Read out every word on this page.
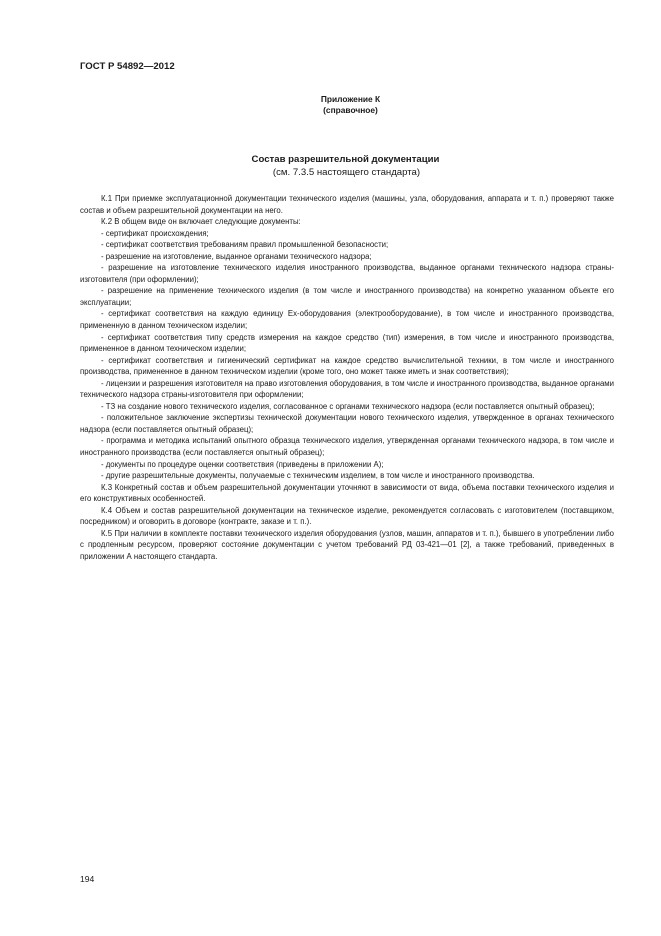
ГОСТ Р 54892—2012
Приложение К
(справочное)
Состав разрешительной документации
(см. 7.3.5 настоящего стандарта)

К.1 При приемке эксплуатационной документации технического изделия (машины, узла, оборудования, аппарата и т. п.) проверяют также состав и объем разрешительной документации на него.

К.2 В общем виде он включает следующие документы:

- сертификат происхождения;

- сертификат соответствия требованиям правил промышленной безопасности;

- разрешение на изготовление, выданное органами технического надзора;

- разрешение на изготовление технического изделия иностранного производства, выданное органами технического надзора страны-изготовителя (при оформлении);

- разрешение на применение технического изделия (в том числе и иностранного производства) на конкретно указанном объекте его эксплуатации;

- сертификат соответствия на каждую единицу Ex-оборудования (электрооборудование), в том числе и иностранного производства, примененную в данном техническом изделии;

- сертификат соответствия типу средств измерения на каждое средство (тип) измерения, в том числе и иностранного производства, примененное в данном техническом изделии;

- сертификат соответствия и гигиенический сертификат на каждое средство вычислительной техники, в том числе и иностранного производства, примененное в данном техническом изделии (кроме того, оно может также иметь и знак соответствия);

- лицензии и разрешения изготовителя на право изготовления оборудования, в том числе и иностранного производства, выданное органами технического надзора страны-изготовителя при оформлении;

- ТЗ на создание нового технического изделия, согласованное с органами технического надзора (если поставляется опытный образец);

- положительное заключение экспертизы технической документации нового технического изделия, утвержденное в органах технического надзора (если поставляется опытный образец);

- программа и методика испытаний опытного образца технического изделия, утвержденная органами технического надзора, в том числе и иностранного производства (если поставляется опытный образец);

- документы по процедуре оценки соответствия (приведены в приложении А);

- другие разрешительные документы, получаемые с техническим изделием, в том числе и иностранного производства.

К.3 Конкретный состав и объем разрешительной документации уточняют в зависимости от вида, объема поставки технического изделия и его конструктивных особенностей.

К.4 Объем и состав разрешительной документации на техническое изделие, рекомендуется согласовать с изготовителем (поставщиком, посредником) и оговорить в договоре (контракте, заказе и т. п.).

К.5 При наличии в комплекте поставки технического изделия оборудования (узлов, машин, аппаратов и т. п.), бывшего в употреблении либо с продленным ресурсом, проверяют состояние документации с учетом требований РД 03-421—01 [2], а также требований, приведенных в приложении А настоящего стандарта.

194
